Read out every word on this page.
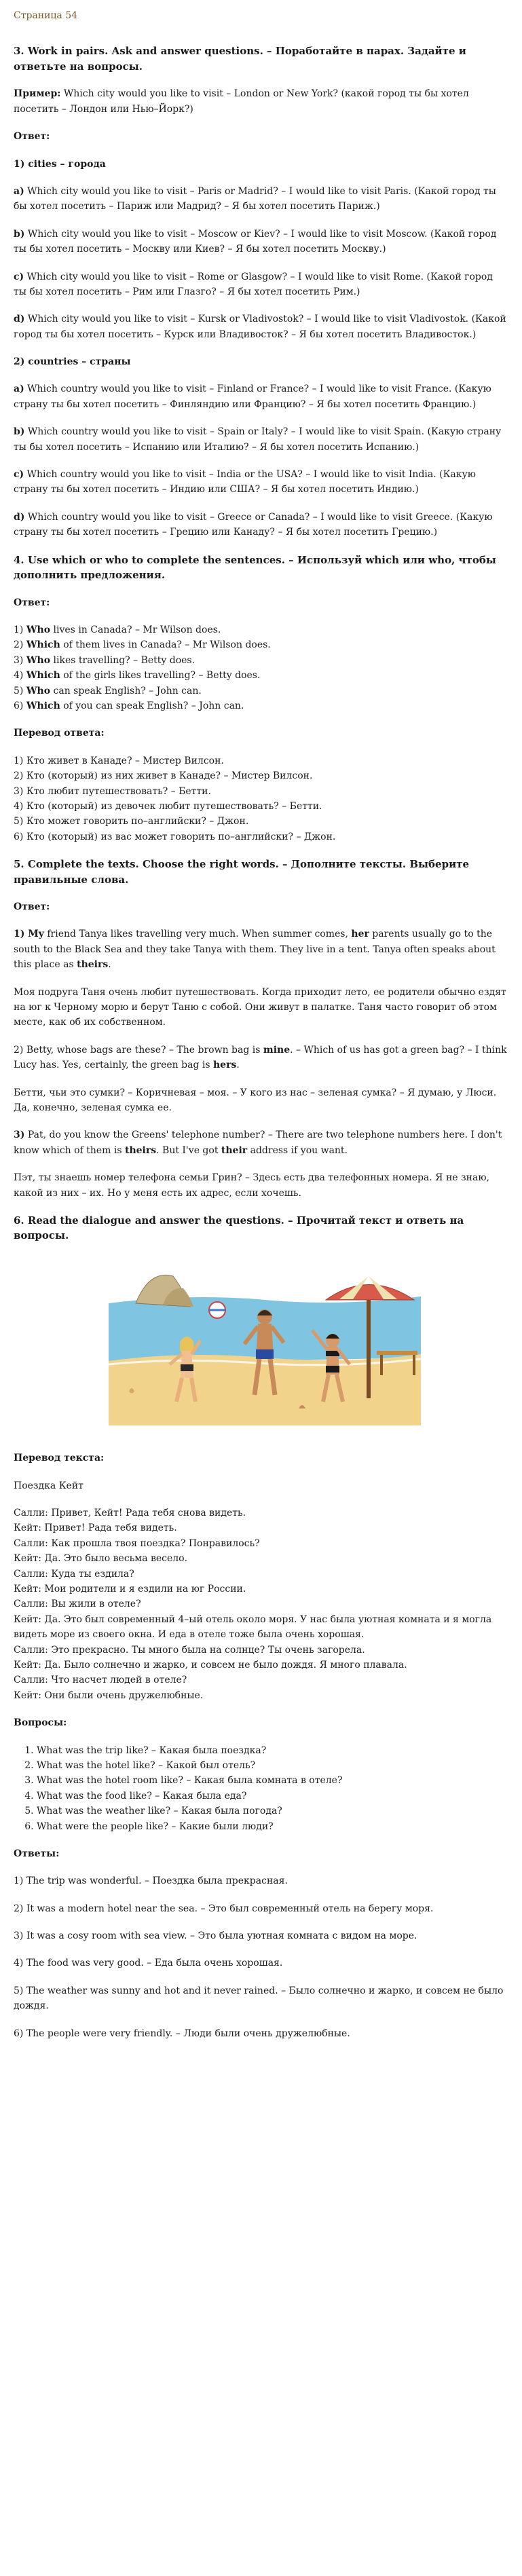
Страница 54
3. Work in pairs. Ask and answer questions. – Поработайте в парах. Задайте и ответьте на вопросы.

Пример: Which city would you like to visit – London or New York? (какой город ты бы хотел посетить – Лондон или Нью–Йорк?)

Ответ:

1) cities – города

a) Which city would you like to visit – Paris or Madrid? – I would like to visit Paris. (Какой город ты бы хотел посетить – Париж или Мадрид? – Я бы хотел посетить Париж.)

b) Which city would you like to visit – Moscow or Kiev? – I would like to visit Moscow. (Какой город ты бы хотел посетить – Москву или Киев? – Я бы хотел посетить Москву.)

c) Which city would you like to visit – Rome or Glasgow? – I would like to visit Rome. (Какой город ты бы хотел посетить – Рим или Глазго? – Я бы хотел посетить Рим.)

d) Which city would you like to visit – Kursk or Vladivostok? – I would like to visit Vladivostok. (Какой город ты бы хотел посетить – Курск или Владивосток? – Я бы хотел посетить Владивосток.)

2) countries – страны

a) Which country would you like to visit – Finland or France? – I would like to visit France. (Какую страну ты бы хотел посетить – Финляндию или Францию? – Я бы хотел посетить Францию.)

b) Which country would you like to visit – Spain or Italy? – I would like to visit Spain. (Какую страну ты бы хотел посетить – Испанию или Италию? – Я бы хотел посетить Испанию.)

c) Which country would you like to visit – India or the USA? – I would like to visit India. (Какую страну ты бы хотел посетить – Индию или США? – Я бы хотел посетить Индию.)

d) Which country would you like to visit – Greece or Canada? – I would like to visit Greece. (Какую страну ты бы хотел посетить – Грецию или Канаду? – Я бы хотел посетить Грецию.)

4. Use which or who to complete the sentences. – Используй which или who, чтобы дополнить предложения.

Ответ:

1) Who lives in Canada? – Mr Wilson does.
2) Which of them lives in Canada? – Mr Wilson does.
3) Who likes travelling? – Betty does.
4) Which of the girls likes travelling? – Betty does.
5) Who can speak English? – John can.
6) Which of you can speak English? – John can.

Перевод ответа:

1) Кто живет в Канаде? – Мистер Вилсон.
2) Кто (который) из них живет в Канаде? – Мистер Вилсон.
3) Кто любит путешествовать? – Бетти.
4) Кто (который) из девочек любит путешествовать? – Бетти.
5) Кто может говорить по–английски? – Джон.
6) Кто (который) из вас может говорить по–английски? – Джон.
5. Complete the texts. Choose the right words. – Дополните тексты. Выберите правильные слова.

Ответ:

1) My friend Tanya likes travelling very much. When summer comes, her parents usually go to the south to the Black Sea and they take Tanya with them. They live in a tent. Tanya often speaks about this place as theirs.

Моя подруга Таня очень любит путешествовать. Когда приходит лето, ее родители обычно ездят на юг к Черному морю и берут Таню с собой. Они живут в палатке. Таня часто говорит об этом месте, как об их собственном.

2) Betty, whose bags are these? – The brown bag is mine. – Which of us has got a green bag? – I think Lucy has. Yes, certainly, the green bag is hers.

Бетти, чьи это сумки? – Коричневая – моя. – У кого из нас – зеленая сумка? – Я думаю, у Люси. Да, конечно, зеленая сумка ее.

3) Pat, do you know the Greens' telephone number? – There are two telephone numbers here. I don't know which of them is theirs. But I've got their address if you want.

Пэт, ты знаешь номер телефона семьи Грин? – Здесь есть два телефонных номера. Я не знаю, какой из них – их. Но у меня есть их адрес, если хочешь.

6. Read the dialogue and answer the questions. – Прочитай текст и ответь на вопросы.

Перевод текста:

Поездка Кейт

Салли: Привет, Кейт! Рада тебя снова видеть.
Кейт: Привет! Рада тебя видеть.
Салли: Как прошла твоя поездка? Понравилось?
Кейт: Да. Это было весьма весело.
Салли: Куда ты ездила?
Кейт: Мои родители и я ездили на юг России.
Салли: Вы жили в отеле?
Кейт: Да. Это был современный 4–ый отель около моря. У нас была уютная комната и я могла видеть море из своего окна. И еда в отеле тоже была очень хорошая.
Салли: Это прекрасно. Ты много была на солнце? Ты очень загорела.
Кейт: Да. Было солнечно и жарко, и совсем не было дождя. Я много плавала.
Салли: Что насчет людей в отеле?
Кейт: Они были очень дружелюбные.

Вопросы:

1. What was the trip like? – Какая была поездка?
2. What was the hotel like? – Какой был отель?
3. What was the hotel room like? – Какая была комната в отеле?
4. What was the food like? – Какая была еда?
5. What was the weather like? – Какая была погода?
6. What were the people like? – Какие были люди?

Ответы:

1) The trip was wonderful. – Поездка была прекрасная.

2) It was a modern hotel near the sea. – Это был современный отель на берегу моря.

3) It was a cosy room with sea view. – Это была уютная комната с видом на море.

4) The food was very good. – Еда была очень хорошая.

5) The weather was sunny and hot and it never rained. – Было солнечно и жарко, и совсем не было дождя.

6) The people were very friendly. – Люди были очень дружелюбные.
